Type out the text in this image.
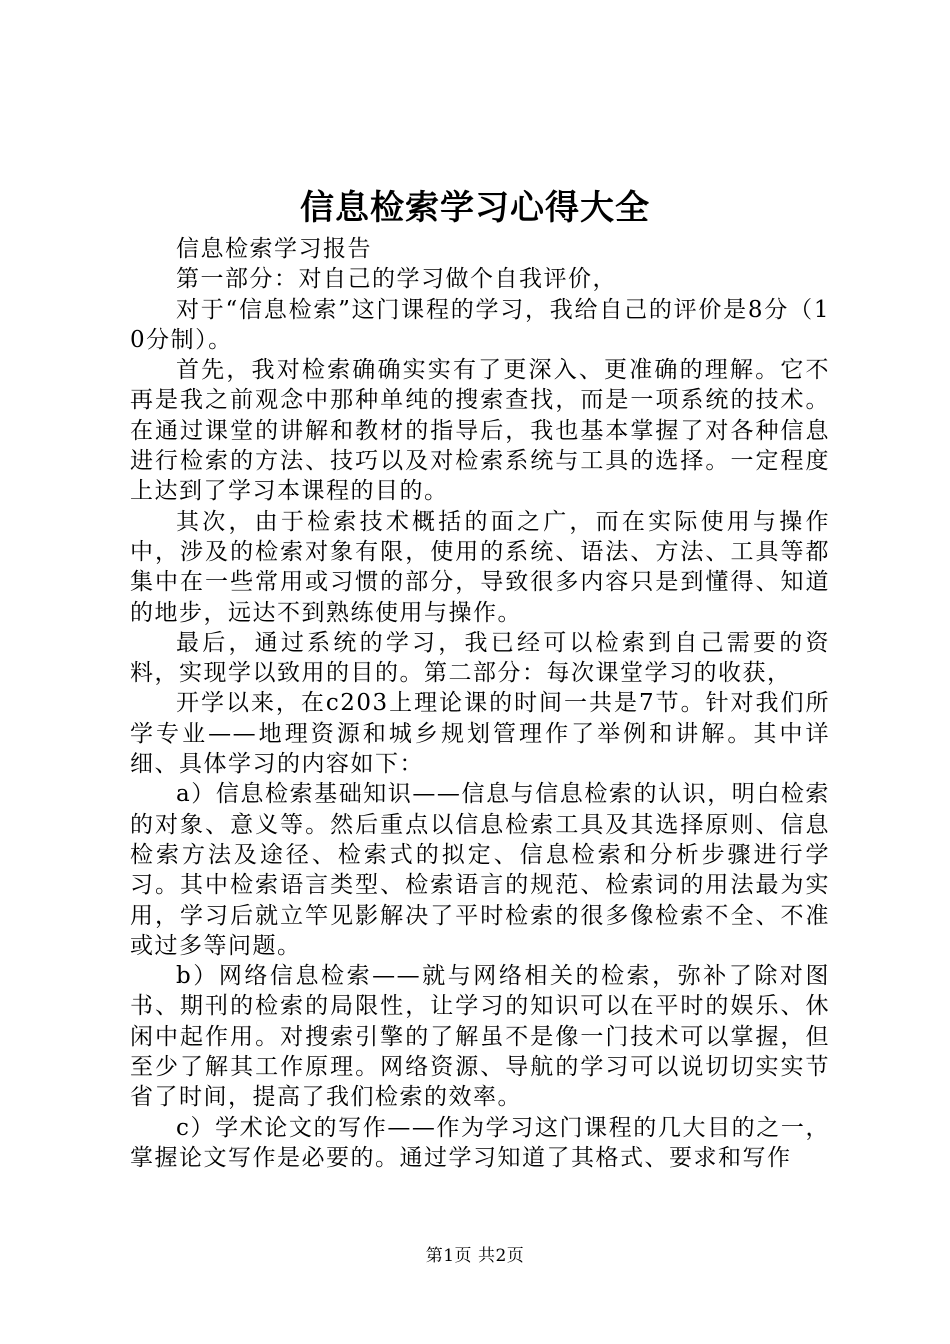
信息检索学习心得大全

信息检索学习报告

第一部分：对自己的学习做个自我评价，

对于“信息检索”这门课程的学习，我给自己的评价是8分（10分制）。

首先，我对检索确确实实有了更深入、更准确的理解。它不再是我之前观念中那种单纯的搜索查找，而是一项系统的技术。在通过课堂的讲解和教材的指导后，我也基本掌握了对各种信息进行检索的方法、技巧以及对检索系统与工具的选择。一定程度上达到了学习本课程的目的。

其次，由于检索技术概括的面之广，而在实际使用与操作中，涉及的检索对象有限，使用的系统、语法、方法、工具等都集中在一些常用或习惯的部分，导致很多内容只是到懂得、知道的地步，远达不到熟练使用与操作。

最后，通过系统的学习，我已经可以检索到自己需要的资料，实现学以致用的目的。第二部分：每次课堂学习的收获，

开学以来，在c203上理论课的时间一共是7节。针对我们所学专业——地理资源和城乡规划管理作了举例和讲解。其中详细、具体学习的内容如下：

a）信息检索基础知识——信息与信息检索的认识，明白检索的对象、意义等。然后重点以信息检索工具及其选择原则、信息检索方法及途径、检索式的拟定、信息检索和分析步骤进行学习。其中检索语言类型、检索语言的规范、检索词的用法最为实用，学习后就立竿见影解决了平时检索的很多像检索不全、不准或过多等问题。

b）网络信息检索——就与网络相关的检索，弥补了除对图书、期刊的检索的局限性，让学习的知识可以在平时的娱乐、休闲中起作用。对搜索引擎的了解虽不是像一门技术可以掌握，但至少了解其工作原理。网络资源、导航的学习可以说切切实实节省了时间，提高了我们检索的效率。

c）学术论文的写作——作为学习这门课程的几大目的之一，掌握论文写作是必要的。通过学习知道了其格式、要求和写作

第1页 共2页
